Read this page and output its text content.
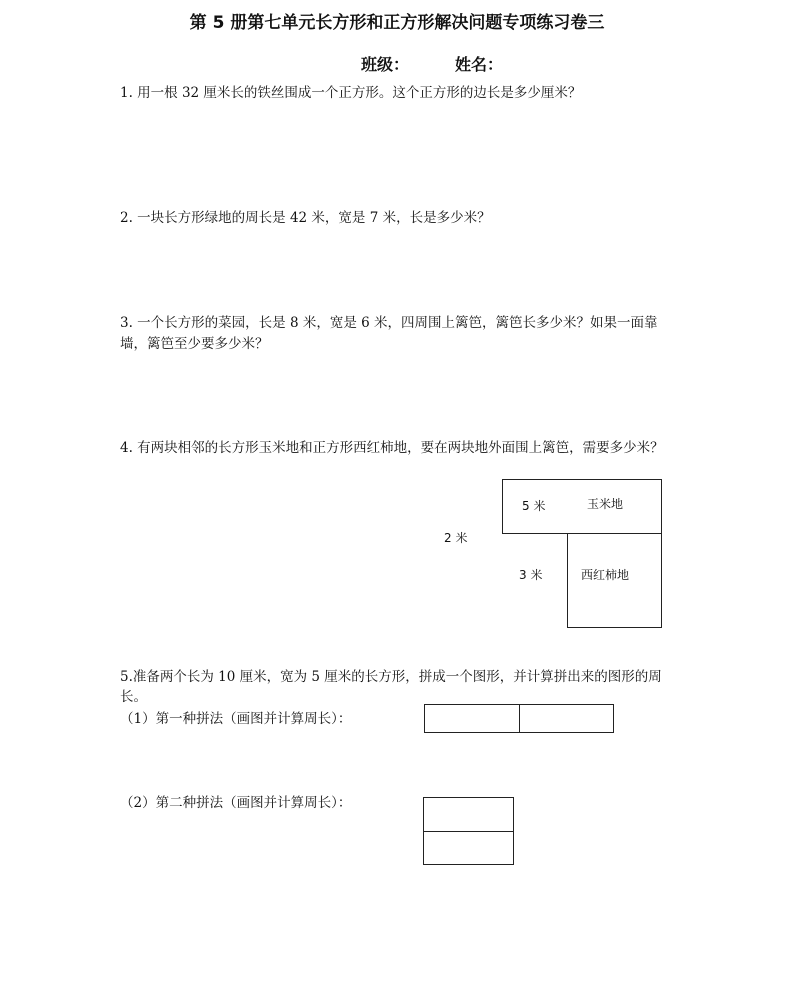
第 5 册第七单元长方形和正方形解决问题专项练习卷三
班级：	姓名：
1. 用一根 32 厘米长的铁丝围成一个正方形。这个正方形的边长是多少厘米？
2. 一块长方形绿地的周长是 42 米，宽是 7 米，长是多少米？
3. 一个长方形的菜园，长是 8 米，宽是 6 米，四周围上篱笆，篱笆长多少米？如果一面靠
墙，篱笆至少要多少米？
4. 有两块相邻的长方形玉米地和正方形西红柿地，要在两块地外面围上篱笆，需要多少米？
5 米	玉米地
2 米
3 米	西红柿地
5.准备两个长为 10 厘米，宽为 5 厘米的长方形，拼成一个图形，并计算拼出来的图形的周
长。
（1）第一种拼法（画图并计算周长）：
（2）第二种拼法（画图并计算周长）：
